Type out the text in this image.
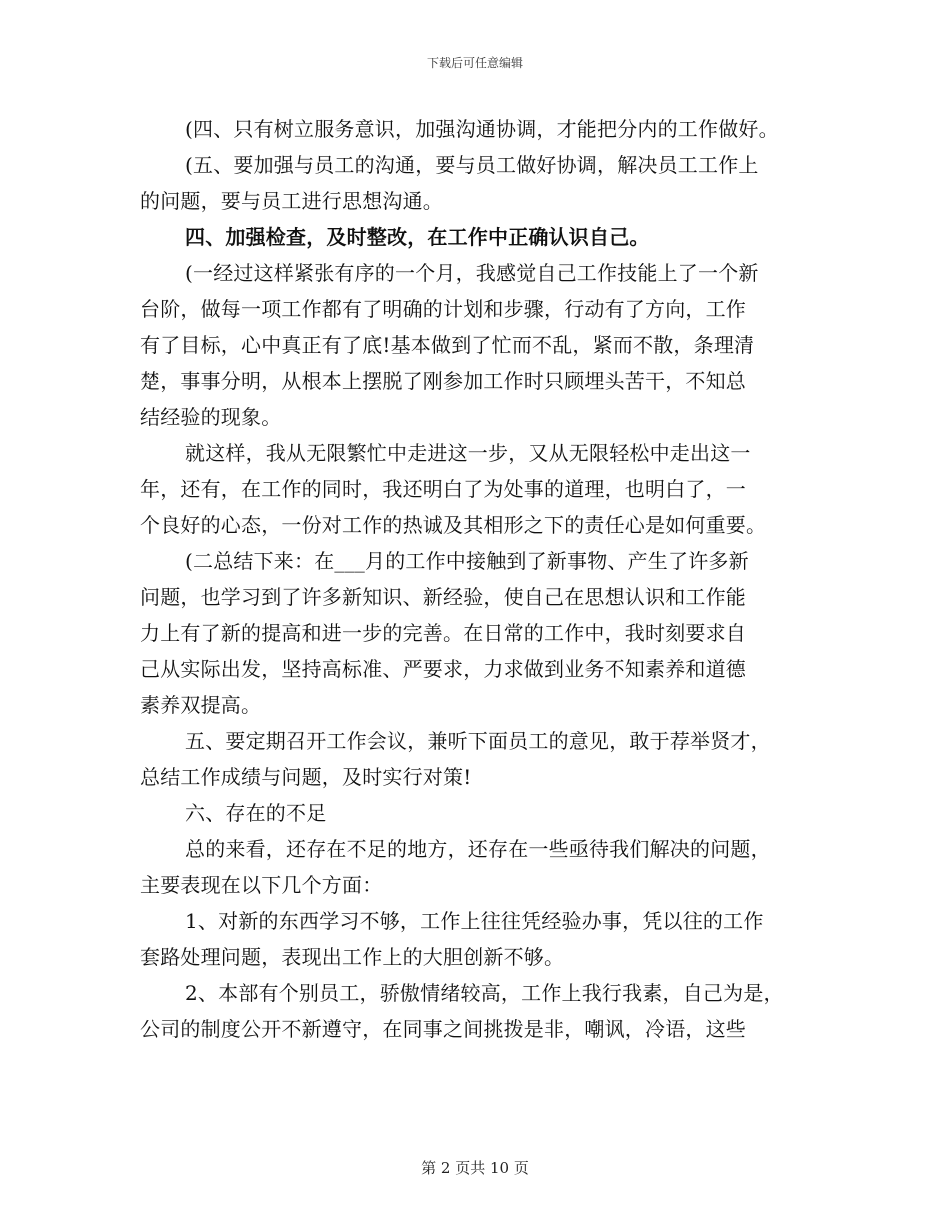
下载后可任意编辑
(四、只有树立服务意识，加强沟通协调，才能把分内的工作做好。
(五、要加强与员工的沟通，要与员工做好协调，解决员工工作上
的问题，要与员工进行思想沟通。
四、加强检查，及时整改，在工作中正确认识自己。
(一经过这样紧张有序的一个月，我感觉自己工作技能上了一个新
台阶，做每一项工作都有了明确的计划和步骤，行动有了方向，工作
有了目标，心中真正有了底!基本做到了忙而不乱，紧而不散，条理清
楚，事事分明，从根本上摆脱了刚参加工作时只顾埋头苦干，不知总
结经验的现象。
就这样，我从无限繁忙中走进这一步，又从无限轻松中走出这一
年，还有，在工作的同时，我还明白了为处事的道理，也明白了，一
个良好的心态，一份对工作的热诚及其相形之下的责任心是如何重要。
(二总结下来：在___月的工作中接触到了新事物、产生了许多新
问题，也学习到了许多新知识、新经验，使自己在思想认识和工作能
力上有了新的提高和进一步的完善。在日常的工作中，我时刻要求自
己从实际出发，坚持高标准、严要求，力求做到业务不知素养和道德
素养双提高。
五、要定期召开工作会议，兼听下面员工的意见，敢于荐举贤才，
总结工作成绩与问题，及时实行对策!
六、存在的不足
总的来看，还存在不足的地方，还存在一些亟待我们解决的问题，
主要表现在以下几个方面：
1、对新的东西学习不够，工作上往往凭经验办事，凭以往的工作
套路处理问题，表现出工作上的大胆创新不够。
2、本部有个别员工，骄傲情绪较高，工作上我行我素，自己为是，
公司的制度公开不新遵守，在同事之间挑拨是非，嘲讽，冷语，这些
第 2 页共 10 页
